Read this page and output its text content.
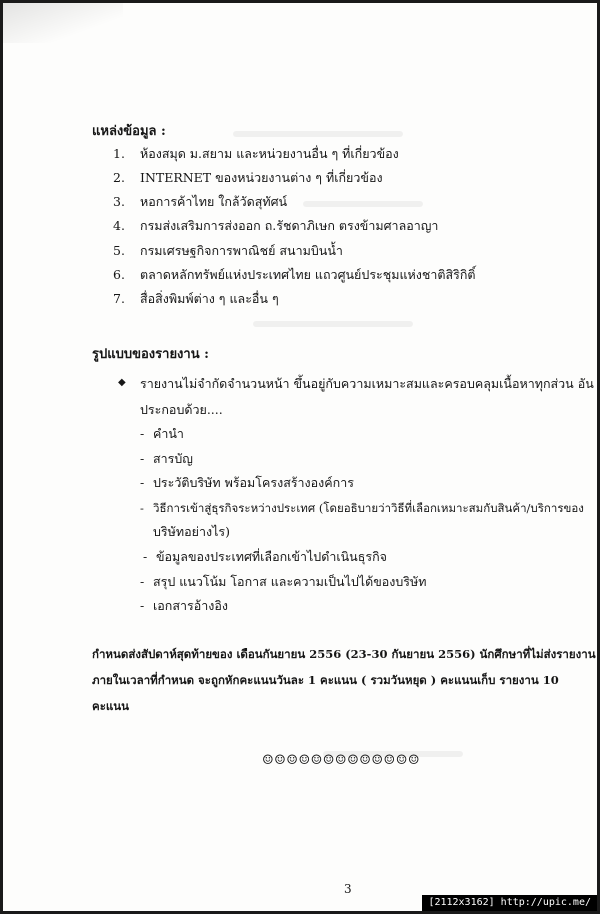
แหล่งข้อมูล :
1. ห้องสมุด ม.สยาม และหน่วยงานอื่น ๆ ที่เกี่ยวข้อง
2. INTERNET ของหน่วยงานต่าง ๆ ที่เกี่ยวข้อง
3. หอการค้าไทย ใกล้วัดสุทัศน์
4. กรมส่งเสริมการส่งออก ถ.รัชดาภิเษก ตรงข้ามศาลอาญา
5. กรมเศรษฐกิจการพาณิชย์ สนามบินน้ำ
6. ตลาดหลักทรัพย์แห่งประเทศไทย แถวศูนย์ประชุมแห่งชาติสิริกิติ์
7. สื่อสิ่งพิมพ์ต่าง ๆ และอื่น ๆ
รูปแบบของรายงาน :
◆ รายงานไม่จำกัดจำนวนหน้า ขึ้นอยู่กับความเหมาะสมและครอบคลุมเนื้อหาทุกส่วน อัน
ประกอบด้วย....
- คำนำ
- สารบัญ
- ประวัติบริษัท พร้อมโครงสร้างองค์การ
- วิธีการเข้าสู่ธุรกิจระหว่างประเทศ (โดยอธิบายว่าวิธีที่เลือกเหมาะสมกับสินค้า/บริการของ
บริษัทอย่างไร)
- ข้อมูลของประเทศที่เลือกเข้าไปดำเนินธุรกิจ
- สรุป แนวโน้ม โอกาส และความเป็นไปได้ของบริษัท
- เอกสารอ้างอิง
กำหนดส่งสัปดาห์สุดท้ายของ เดือนกันยายน 2556 (23-30 กันยายน 2556) นักศึกษาที่ไม่ส่งรายงาน
ภายในเวลาที่กำหนด จะถูกหักคะแนนวันละ 1 คะแนน ( รวมวันหยุด ) คะแนนเก็บ รายงาน 10
คะแนน
☺☺☺☺☺☺☺☺☺☺☺☺☺
3
[2112x3162] http://upic.me/
